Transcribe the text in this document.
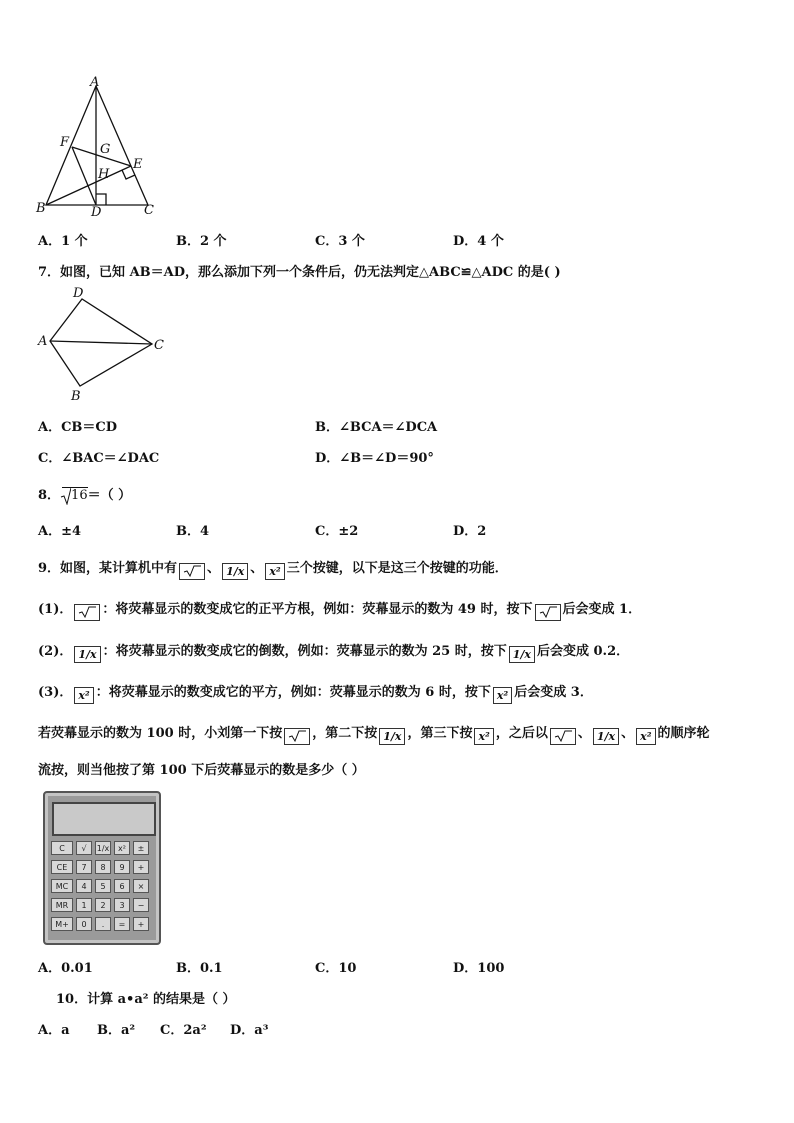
A
F G
E
H
B	D	C
A．1 个	B．2 个	C．3 个	D．4 个
7．如图，已知 AB＝AD，那么添加下列一个条件后，仍无法判定△ABC≌△ADC 的是( )
D
A	C
B
A．CB＝CD	B．∠BCA＝∠DCA
C．∠BAC＝∠DAC	D．∠B＝∠D＝90°
8． 16＝（ ）
A．±4	B．4	C．±2	D．2
9．如图，某计算机中有 、 1/x 、 x² 三个按键，以下是这三个按键的功能．
(1)． ：将荧幕显示的数变成它的正平方根，例如：荧幕显示的数为 49 时，按下 后会变成 1．
(2)． 1/x ：将荧幕显示的数变成它的倒数，例如：荧幕显示的数为 25 时，按下 1/x 后会变成 0.2．
(3)． x² ：将荧幕显示的数变成它的平方，例如：荧幕显示的数为 6 时，按下 x² 后会变成 3．
若荧幕显示的数为 100 时，小刘第一下按 ，第二下按 1/x ，第三下按 x² ，之后以 、 1/x 、 x² 的顺序轮
流按，则当他按了第 100 下后荧幕显示的数是多少（ ）
C	√	1/x	x²	±
CE	7	8	9	+
MC	4	5	6	×
MR	1	2	3	−
M+	0	.	=	+
A．0.01	B．0.1	C．10	D．100
10．计算 a•a² 的结果是（ ）
A．a B．a² C．2a² D．a³
